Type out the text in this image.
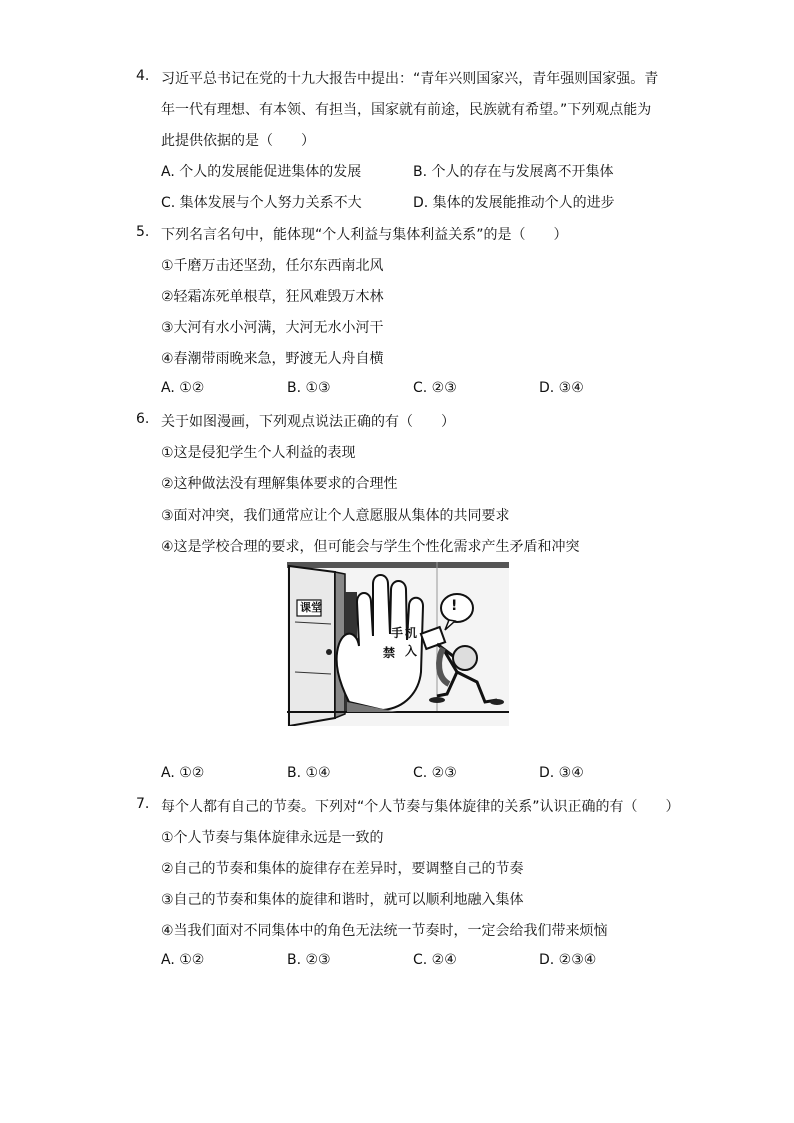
4. 习近平总书记在党的十九大报告中提出：“青年兴则国家兴，青年强则国家强。青
年一代有理想、有本领、有担当，国家就有前途，民族就有希望。”下列观点能为
此提供依据的是（　　）
A. 个人的发展能促进集体的发展	B. 个人的存在与发展离不开集体
C. 集体发展与个人努力关系不大	D. 集体的发展能推动个人的进步
5. 下列名言名句中，能体现“个人利益与集体利益关系”的是（　　）
①千磨万击还坚劲，任尔东西南北风
②轻霜冻死单根草，狂风难毁万木林
③大河有水小河满，大河无水小河干
④春潮带雨晚来急，野渡无人舟自横
A. ①②	B. ①③	C. ②③	D. ③④
6. 关于如图漫画，下列观点说法正确的有（　　）
①这是侵犯学生个人利益的表现
②这种做法没有理解集体要求的合理性
③面对冲突，我们通常应让个人意愿服从集体的共同要求
④这是学校合理的要求，但可能会与学生个性化需求产生矛盾和冲突
课堂
手 机
入
禁
!
A. ①②	B. ①④	C. ②③	D. ③④
7. 每个人都有自己的节奏。下列对“个人节奏与集体旋律的关系”认识正确的有（　　）
①个人节奏与集体旋律永远是一致的
②自己的节奏和集体的旋律存在差异时，要调整自己的节奏
③自己的节奏和集体的旋律和谐时，就可以顺利地融入集体
④当我们面对不同集体中的角色无法统一节奏时，一定会给我们带来烦恼
A. ①②	B. ②③	C. ②④	D. ②③④
